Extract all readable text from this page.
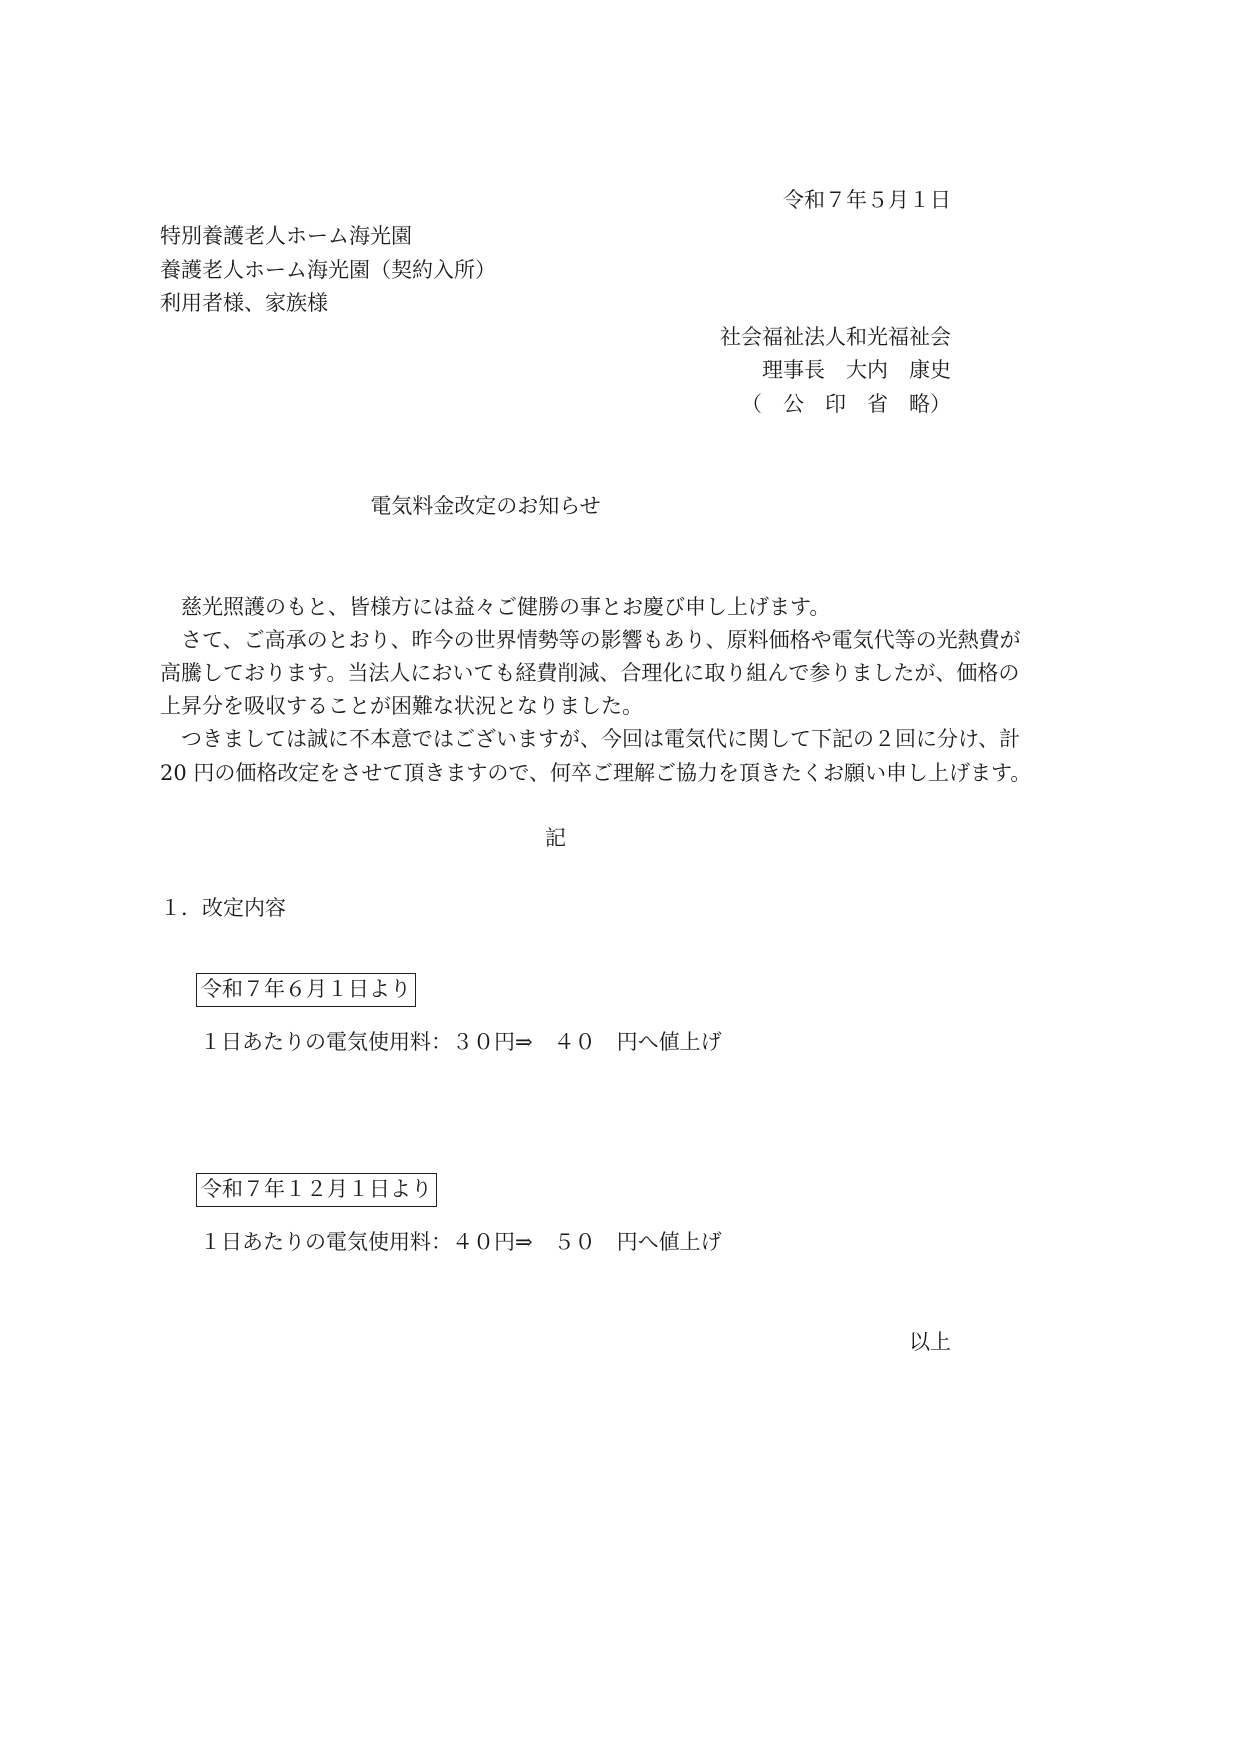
令和７年５月１日
特別養護老人ホーム海光園
養護老人ホーム海光園（契約入所）
利用者様、家族様
社会福祉法人和光福祉会
理事長　大内　康史
（　公　印　省　略）
電気料金改定のお知らせ
　慈光照護のもと、皆様方には益々ご健勝の事とお慶び申し上げます。
　さて、ご高承のとおり、昨今の世界情勢等の影響もあり、原料価格や電気代等の光熱費が
高騰しております。当法人においても経費削減、合理化に取り組んで参りましたが、価格の
上昇分を吸収することが困難な状況となりました。
　つきましては誠に不本意ではございますが、今回は電気代に関して下記の２回に分け、計
20 円の価格改定をさせて頂きますので、何卒ご理解ご協力を頂きたくお願い申し上げます。
記
１．改定内容
令和７年６月１日より
１日あたりの電気使用料：３０円⇒　４０　円へ値上げ
令和７年１２月１日より
１日あたりの電気使用料：４０円⇒　５０　円へ値上げ
以上
